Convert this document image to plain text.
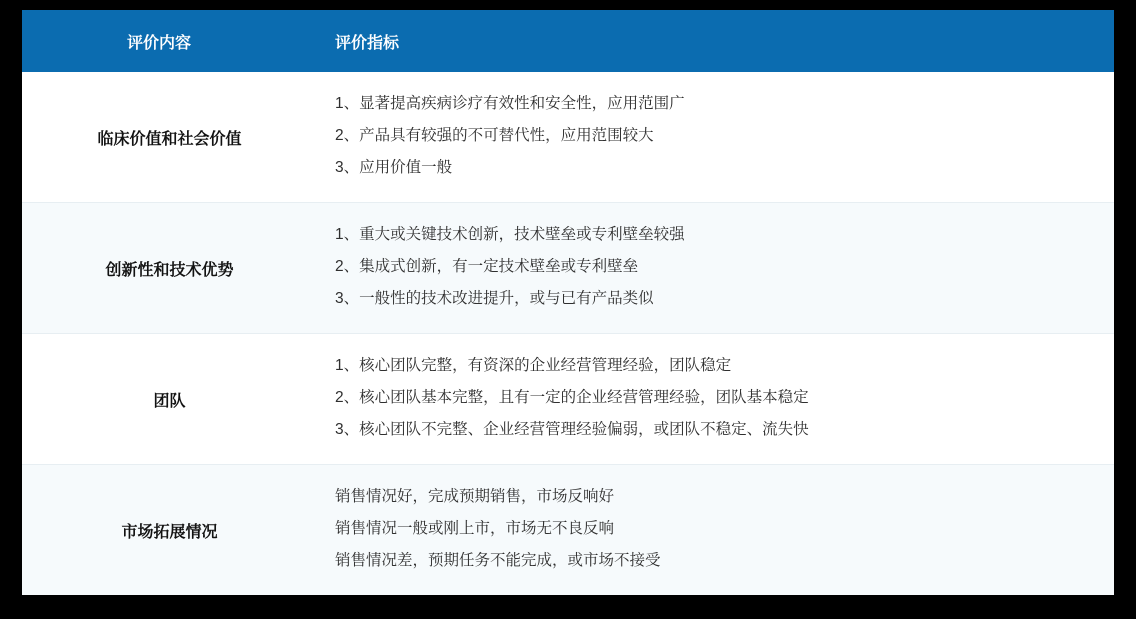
评价内容	评价指标
临床价值和社会价值	1、显著提高疾病诊疗有效性和安全性，应用范围广
2、产品具有较强的不可替代性，应用范围较大
3、应用价值一般

创新性和技术优势	1、重大或关键技术创新，技术壁垒或专利壁垒较强
2、集成式创新，有一定技术壁垒或专利壁垒
3、一般性的技术改进提升，或与已有产品类似

团队	1、核心团队完整，有资深的企业经营管理经验，团队稳定
2、核心团队基本完整，且有一定的企业经营管理经验，团队基本稳定
3、核心团队不完整、企业经营管理经验偏弱，或团队不稳定、流失快

市场拓展情况	销售情况好，完成预期销售，市场反响好
销售情况一般或刚上市，市场无不良反响
销售情况差，预期任务不能完成，或市场不接受
